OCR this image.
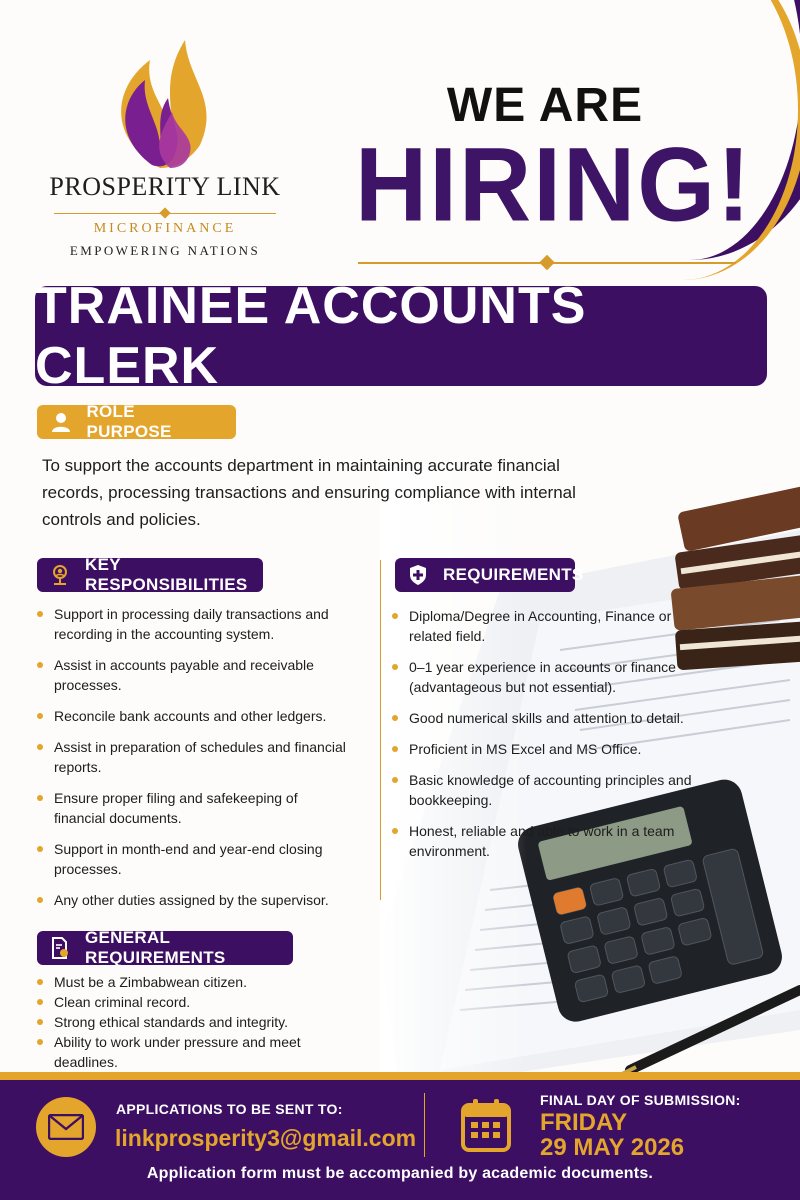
PROSPERITY LINK
MICROFINANCE
EMPOWERING NATIONS
WE ARE
HIRING!
TRAINEE ACCOUNTS CLERK
ROLE PURPOSE
To support the accounts department in maintaining accurate financial records, processing transactions and ensuring compliance with internal controls and policies.
KEY RESPONSIBILITIES
Support in processing daily transactions and recording in the accounting system.
Assist in accounts payable and receivable processes.
Reconcile bank accounts and other ledgers.
Assist in preparation of schedules and financial reports.
Ensure proper filing and safekeeping of financial documents.
Support in month-end and year-end closing processes.
Any other duties assigned by the supervisor.
REQUIREMENTS
Diploma/Degree in Accounting, Finance or related field.
0–1 year experience in accounts or finance (advantageous but not essential).
Good numerical skills and attention to detail.
Proficient in MS Excel and MS Office.
Basic knowledge of accounting principles and bookkeeping.
Honest, reliable and able to work in a team environment.
GENERAL REQUIREMENTS
Must be a Zimbabwean citizen.
Clean criminal record.
Strong ethical standards and integrity.
Ability to work under pressure and meet deadlines.
APPLICATIONS TO BE SENT TO:
linkprosperity3@gmail.com
FINAL DAY OF SUBMISSION:
FRIDAY
29 MAY 2026
Application form must be accompanied by academic documents.
